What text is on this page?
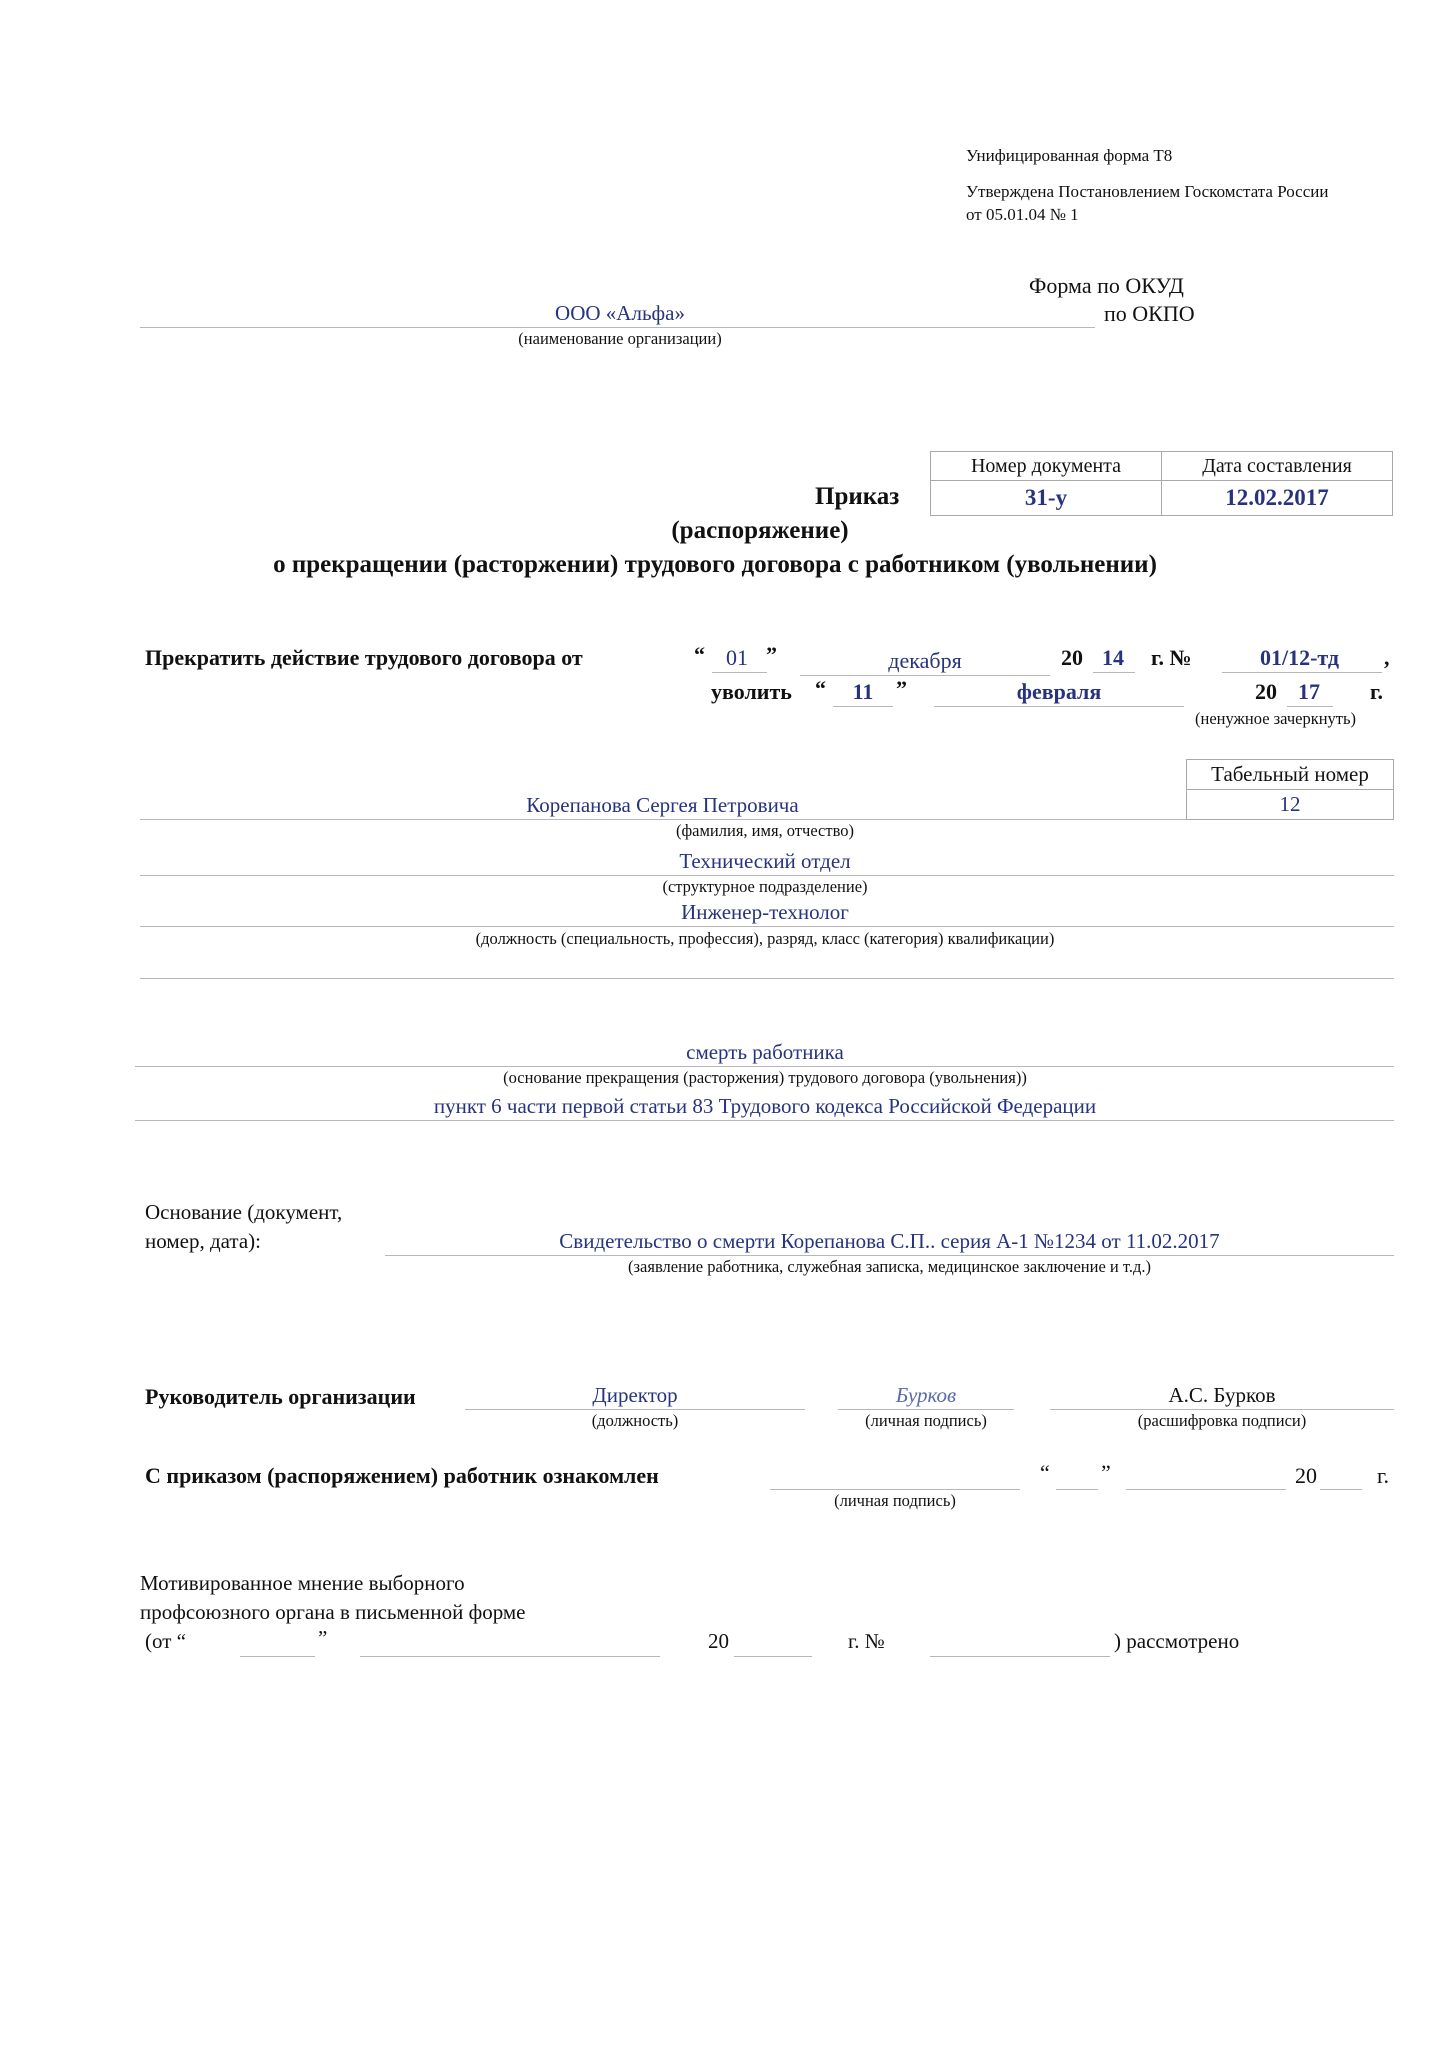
Унифицированная форма Т8
Утверждена Постановлением Госкомстата России
от 05.01.04 № 1
Форма по ОКУД
по ОКПО
ООО «Альфа»
(наименование организации)
Номер документа	Дата составления
31-у	12.02.2017
Приказ
(распоряжение)
о прекращении (расторжении) трудового договора с работником (увольнении)
Прекратить действие трудового договора от	“ 01 ”	декабря	20 14	г. №	01/12-тд	,
уволить “	11	”	февраля	20 17	г.
(ненужное зачеркнуть)
Табельный номер
12
Корепанова Сергея Петровича
(фамилия, имя, отчество)
Технический отдел
(структурное подразделение)
Инженер-технолог
(должность (специальность, профессия), разряд, класс (категория) квалификации)
смерть работника
(основание прекращения (расторжения) трудового договора (увольнения))
пункт 6 части первой статьи 83 Трудового кодекса Российской Федерации
Основание (документ,
номер, дата):	Свидетельство о смерти Корепанова С.П.. серия А-1 №1234 от 11.02.2017
(заявление работника, служебная записка, медицинское заключение и т.д.)
Руководитель организации	Директор
(должность)
Бурков
(личная подпись)
А.С. Бурков
(расшифровка подписи)
С приказом (распоряжением) работник ознакомлен
(личная подпись)
“ ”	20	г.
Мотивированное мнение выборного
профсоюзного органа в письменной форме
(от “	”	20	г. №	) рассмотрено
